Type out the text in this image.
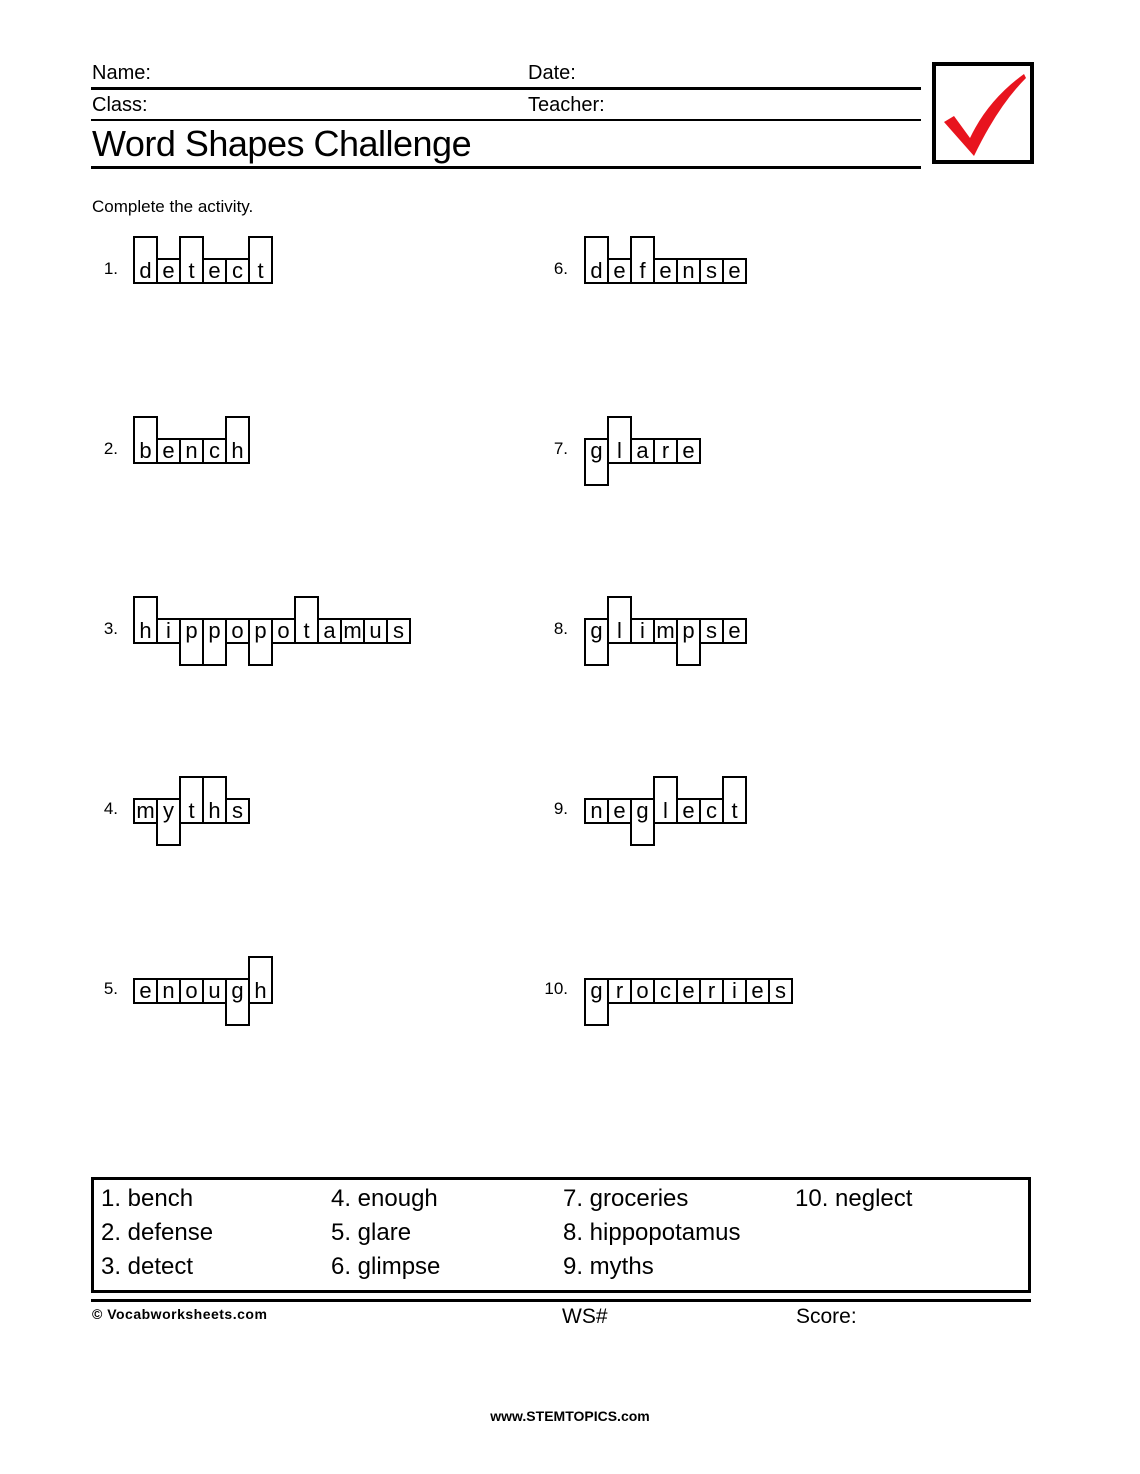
Name:	Date:
Class:	Teacher:
Word Shapes Challenge
Complete the activity.
1. d e t e c t
2. b e n c h
3. h i p p o p o t a m u s
4. m y t h s
5. e n o u g h
6. d e f e n s e
7. g l a r e
8. g l i m p s e
9. n e g l e c t
10. g r o c e r i e s
1. bench
2. defense
3. detect
4. enough
5. glare
6. glimpse
7. groceries
8. hippopotamus
9. myths
10. neglect
© Vocabworksheets.com	WS#	Score:
www.STEMTOPICS.com
